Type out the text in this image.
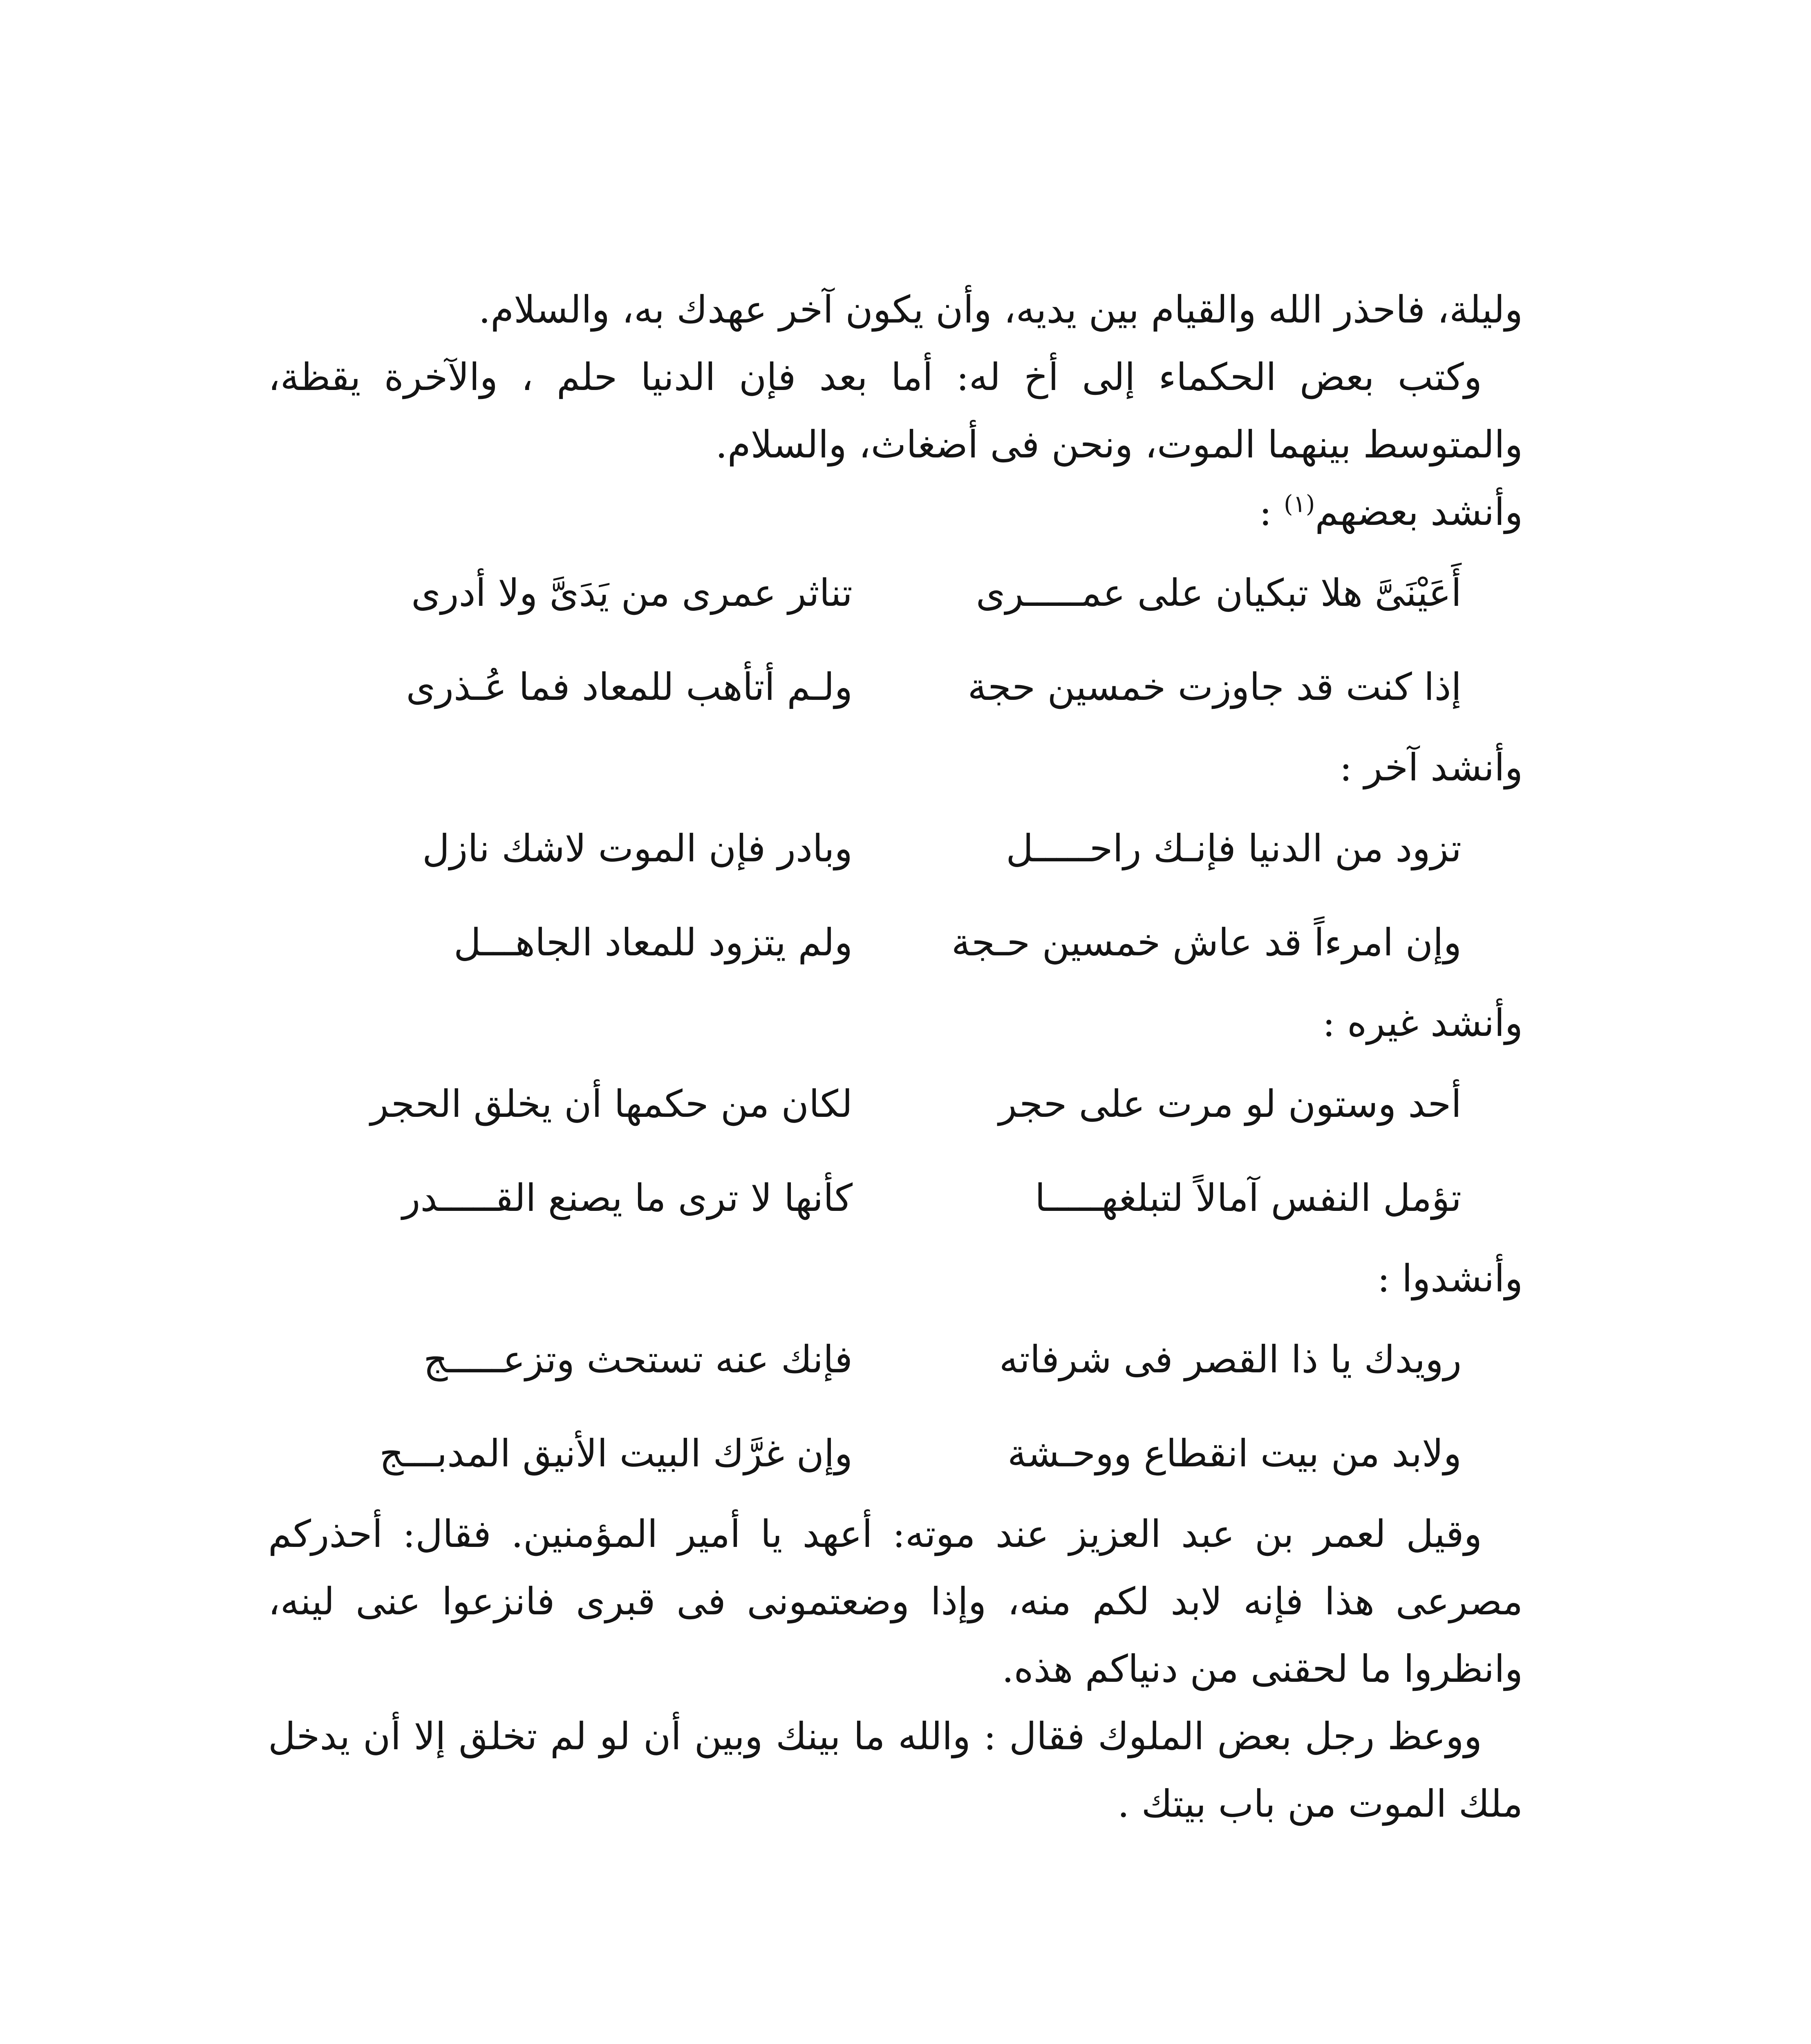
وليلة، فاحذر الله والقيام بين يديه، وأن يكون آخر عهدك به، والسلام.

وكتب بعض الحكماء إلى أخ له: أما بعد فإن الدنيا حلم ، والآخرة يقظة، والمتوسط بينهما الموت، ونحن فى أضغاث، والسلام.

وأنشد بعضهم$^{(١)}$ :

أَعَيْنَىَّ هلا تبكيان على عمـــــرى
تناثر عمرى من يَدَىَّ ولا أدرى
إذا كنت قد جاوزت خمسين حجة
ولـم أتأهب للمعاد فما عُـذرى

وأنشد آخر :

تزود من الدنيا فإنـك راحـــــل
وبادر فإن الموت لاشك نازل
وإن امرءاً قد عاش خمسين حـجة
ولم يتزود للمعاد الجاهـــل

وأنشد غيره :

أحد وستون لو مرت على حجر
لكان من حكمها أن يخلق الحجر
تؤمل النفس آمالاً لتبلغهـــــا
كأنها لا ترى ما يصنع القـــــدر

وأنشدوا :

رويدك يا ذا القصر فى شرفاته
فإنك عنه تستحث وتزعـــــج
ولابد من بيت انقطاع ووحـشة
وإن غرَّك البيت الأنيق المدبـــج

وقيل لعمر بن عبد العزيز عند موته: أعهد يا أمير المؤمنين. فقال: أحذركم مصرعى هذا فإنه لابد لكم منه، وإذا وضعتمونى فى قبرى فانزعوا عنى لينه، وانظروا ما لحقنى من دنياكم هذه.

ووعظ رجل بعض الملوك فقال : والله ما بينك وبين أن لو لم تخلق إلا أن يدخل ملك الموت من باب بيتك .
